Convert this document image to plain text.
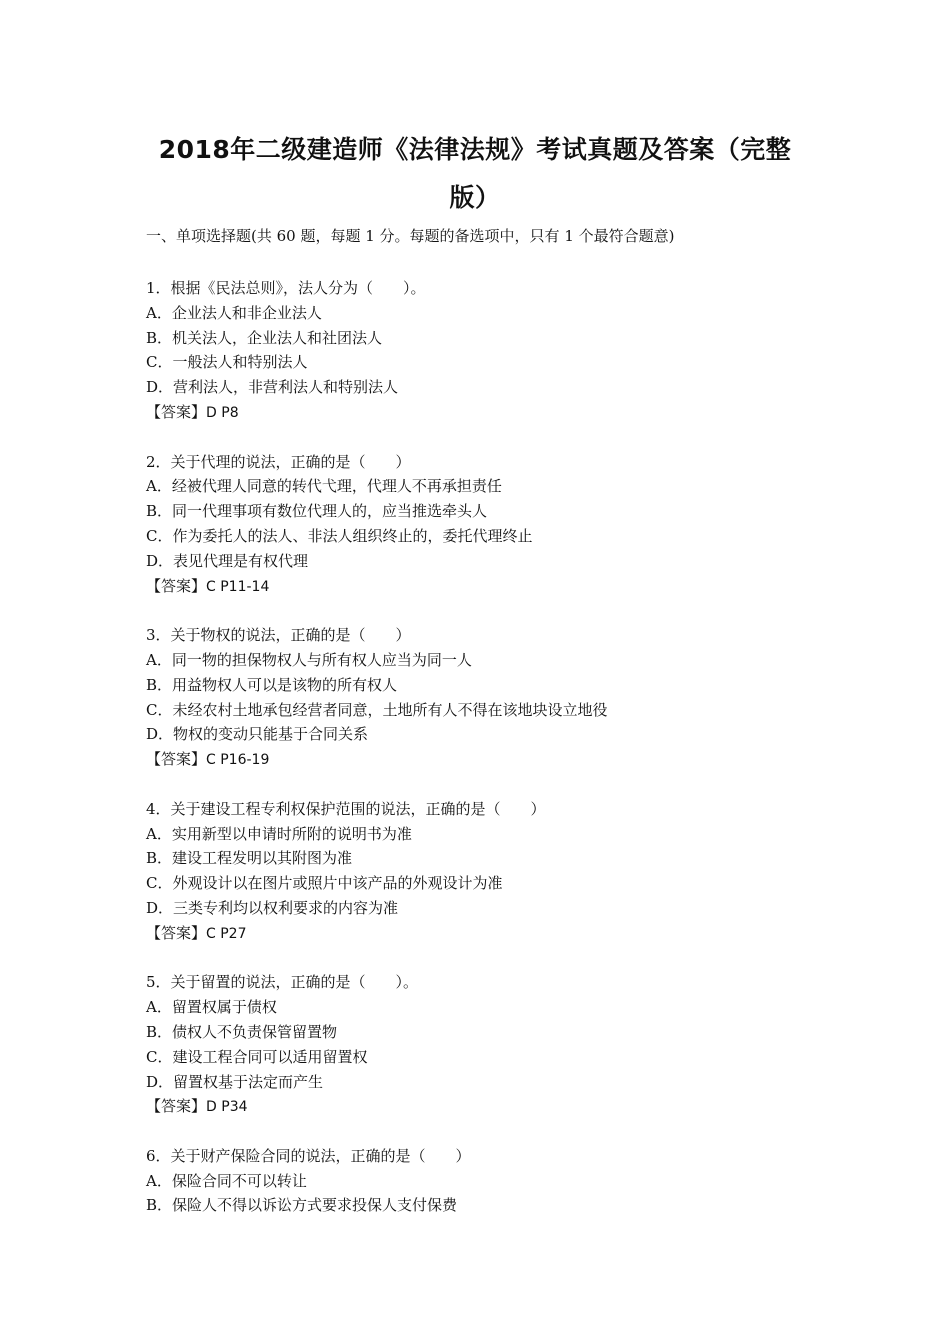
2018年二级建造师《法律法规》考试真题及答案（完整
版）

一、单项选择题(共 60 题，每题 1 分。每题的备选项中，只有 1 个最符合题意)

1．根据《民法总则》，法人分为（　　）。
A．企业法人和非企业法人
B．机关法人，企业法人和社团法人
C．一般法人和特别法人
D．营利法人，非营利法人和特别法人
【答案】D P8
2．关于代理的说法，正确的是（　　）
A．经被代理人同意的转代弋理，代理人不再承担责任
B．同一代理事项有数位代理人的，应当推选牵头人
C．作为委托人的法人、非法人组织终止的，委托代理终止
D．表见代理是有权代理
【答案】C P11-14
3．关于物权的说法，正确的是（　　）
A．同一物的担保物权人与所有权人应当为同一人
B．用益物权人可以是该物的所有权人
C．未经农村土地承包经营者同意，土地所有人不得在该地块设立地役
D．物权的变动只能基于合同关系
【答案】C P16-19
4．关于建设工程专利权保护范围的说法，正确的是（　　）
A．实用新型以申请时所附的说明书为准
B．建设工程发明以其附图为准
C．外观设计以在图片或照片中该产品的外观设计为准
D．三类专利均以权利要求的内容为准
【答案】C P27
5．关于留置的说法，正确的是（　　）。
A．留置权属于债权
B．债权人不负责保管留置物
C．建设工程合同可以适用留置权
D．留置权基于法定而产生
【答案】D P34
6．关于财产保险合同的说法，正确的是（　　）
A．保险合同不可以转让
B．保险人不得以诉讼方式要求投保人支付保费
